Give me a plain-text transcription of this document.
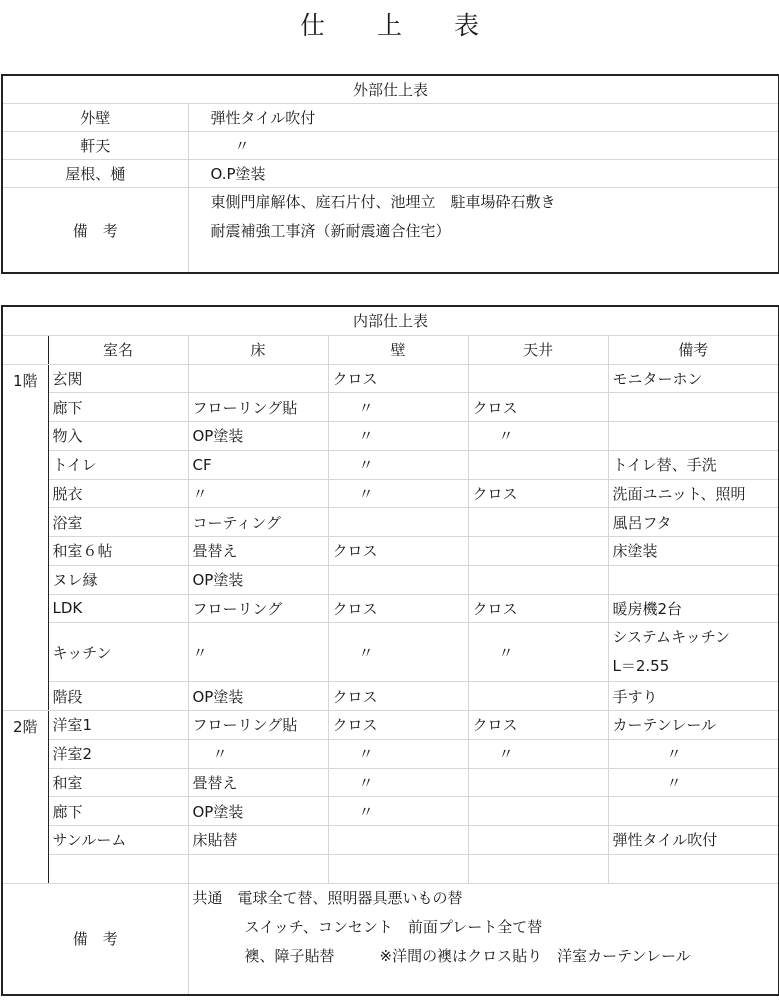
仕 上 表
外部仕上表	
外壁	弾性タイル吹付
軒天	〃
屋根、樋	O.P塗装
備　考	東側門扉解体、庭石片付、池埋立　駐車場砕石敷き
耐震補強工事済（新耐震適合住宅）
内部仕上表					
	室名	床	壁	天井	備考
1階	玄関		クロス		モニターホン
	廊下	フローリング貼	〃	クロス	
	物入	OP塗装	〃	〃	
	トイレ	CF	〃		トイレ替、手洗
	脱衣	〃	〃	クロス	洗面ユニット、照明
	浴室	コーティング			風呂フタ
	和室６帖	畳替え	クロス		床塗装
	ヌレ縁	OP塗装			
	LDK	フローリング	クロス	クロス	暖房機2台
	キッチン	〃	〃	〃	システムキッチン
L＝2.55

	階段	OP塗装	クロス		手すり
2階	洋室1	フローリング貼	クロス	クロス	カーテンレール
	洋室2	〃	〃	〃	〃
	和室	畳替え	〃		〃
	廊下	OP塗装	〃		
	サンルーム	床貼替			弾性タイル吹付

備　考		共通　電球全て替、照明器具悪いもの替
スイッチ、コンセント　前面プレート全て替
襖、障子貼替　　　※洋間の襖はクロス貼り　洋室カーテンレール			
